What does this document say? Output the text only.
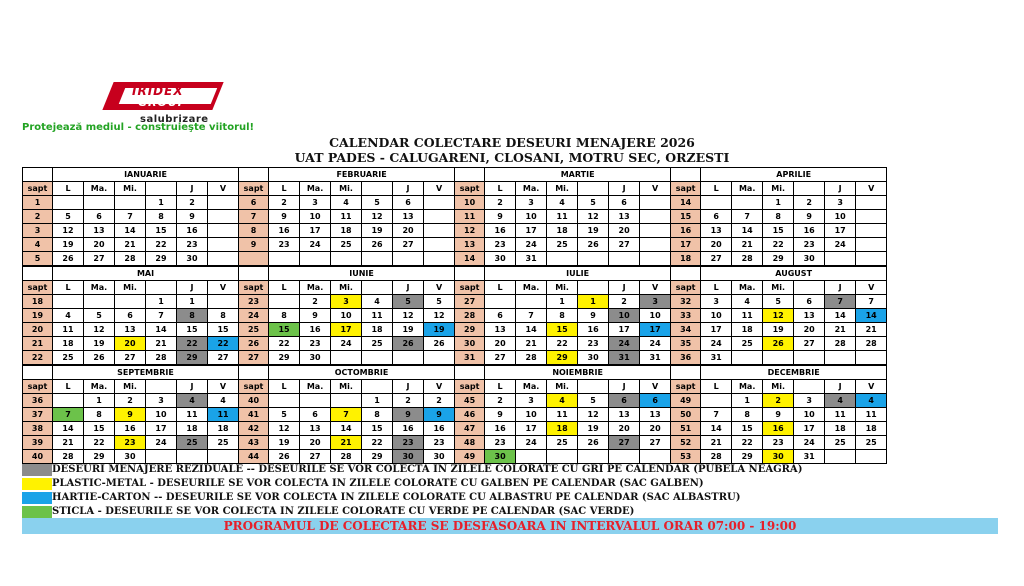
IRIDEX
GROUP
salubrizare
Protejează mediul - construieşte viitorul!
CALENDAR COLECTARE DESEURI MENAJERE 2026
UAT PADES - CALUGARENI, CLOSANI, MOTRU SEC, ORZESTI
	IANUARIE							FEBRUARIE							MARTIE							APRILIE					
sapt	L	Ma.	Mi.		J	V	sapt	L	Ma.	Mi.		J	V	sapt	L	Ma.	Mi.		J	V	sapt	L	Ma.	Mi.		J	V
1				1	2		6	2	3	4	5	6		10	2	3	4	5	6		14			1	2	3	
2	5	6	7	8	9		7	9	10	11	12	13		11	9	10	11	12	13		15	6	7	8	9	10	
3	12	13	14	15	16		8	16	17	18	19	20		12	16	17	18	19	20		16	13	14	15	16	17	
4	19	20	21	22	23		9	23	24	25	26	27		13	23	24	25	26	27		17	20	21	22	23	24	
5	26	27	28	29	30									14	30	31					18	27	28	29	30		
	MAI							IUNIE							IULIE							AUGUST					
sapt	L	Ma.	Mi.		J	V	sapt	L	Ma.	Mi.		J	V	sapt	L	Ma.	Mi.		J	V	sapt	L	Ma.	Mi.		J	V
18				1	1		23		2	3	4	5	5	27			1	1	2	3	32	3	4	5	6	7	7
19	4	5	6	7	8	8	24	8	9	10	11	12	12	28	6	7	8	9	10	10	33	10	11	12	13	14	14
20	11	12	13	14	15	15	25	15	16	17	18	19	19	29	13	14	15	16	17	17	34	17	18	19	20	21	21
21	18	19	20	21	22	22	26	22	23	24	25	26	26	30	20	21	22	23	24	24	35	24	25	26	27	28	28
22	25	26	27	28	29	27	27	29	30					31	27	28	29	30	31	31	36	31					
	SEPTEMBRIE							OCTOMBRIE							NOIEMBRIE							DECEMBRIE					
sapt	L	Ma.	Mi.		J	V	sapt	L	Ma.	Mi.		J	V	sapt	L	Ma.	Mi.		J	V	sapt	L	Ma.	Mi.		J	V
36		1	2	3	4	4	40				1	2	2	45	2	3	4	5	6	6	49		1	2	3	4	4
37	7	8	9	10	11	11	41	5	6	7	8	9	9	46	9	10	11	12	13	13	50	7	8	9	10	11	11
38	14	15	16	17	18	18	42	12	13	14	15	16	16	47	16	17	18	19	20	20	51	14	15	16	17	18	18
39	21	22	23	24	25	25	43	19	20	21	22	23	23	48	23	24	25	26	27	27	52	21	22	23	24	25	25
40	28	29	30				44	26	27	28	29	30	30	49	30						53	28	29	30	31		
DESEURI MENAJERE REZIDUALE -- DESEURILE SE VOR COLECTA IN ZILELE COLORATE CU GRI PE CALENDAR (PUBELA NEAGRA)
PLASTIC-METAL - DESEURILE SE VOR COLECTA IN ZILELE COLORATE CU GALBEN PE CALENDAR (SAC GALBEN)
HARTIE-CARTON -- DESEURILE SE VOR COLECTA IN ZILELE COLORATE CU ALBASTRU PE CALENDAR (SAC ALBASTRU)
STICLA - DESEURILE SE VOR COLECTA IN ZILELE COLORATE CU VERDE PE CALENDAR (SAC VERDE)
PROGRAMUL DE COLECTARE SE DESFASOARA IN INTERVALUL ORAR 07:00 - 19:00
